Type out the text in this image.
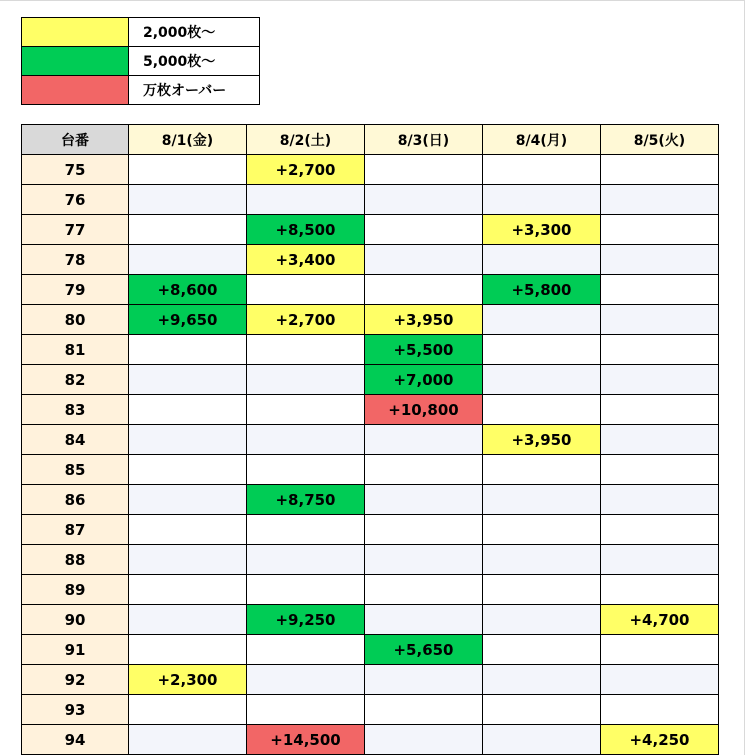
	2,000枚～
	5,000枚～
	万枚オーバー
台番	8/1(金)	8/2(土)	8/3(日)	8/4(月)	8/5(火)
75		+2,700			
76					
77		+8,500		+3,300	
78		+3,400			
79	+8,600			+5,800	
80	+9,650	+2,700	+3,950		
81			+5,500		
82			+7,000		
83			+10,800		
84				+3,950	
85					
86		+8,750			
87					
88					
89					
90		+9,250			+4,700
91			+5,650		
92	+2,300				
93					
94		+14,500			+4,250
